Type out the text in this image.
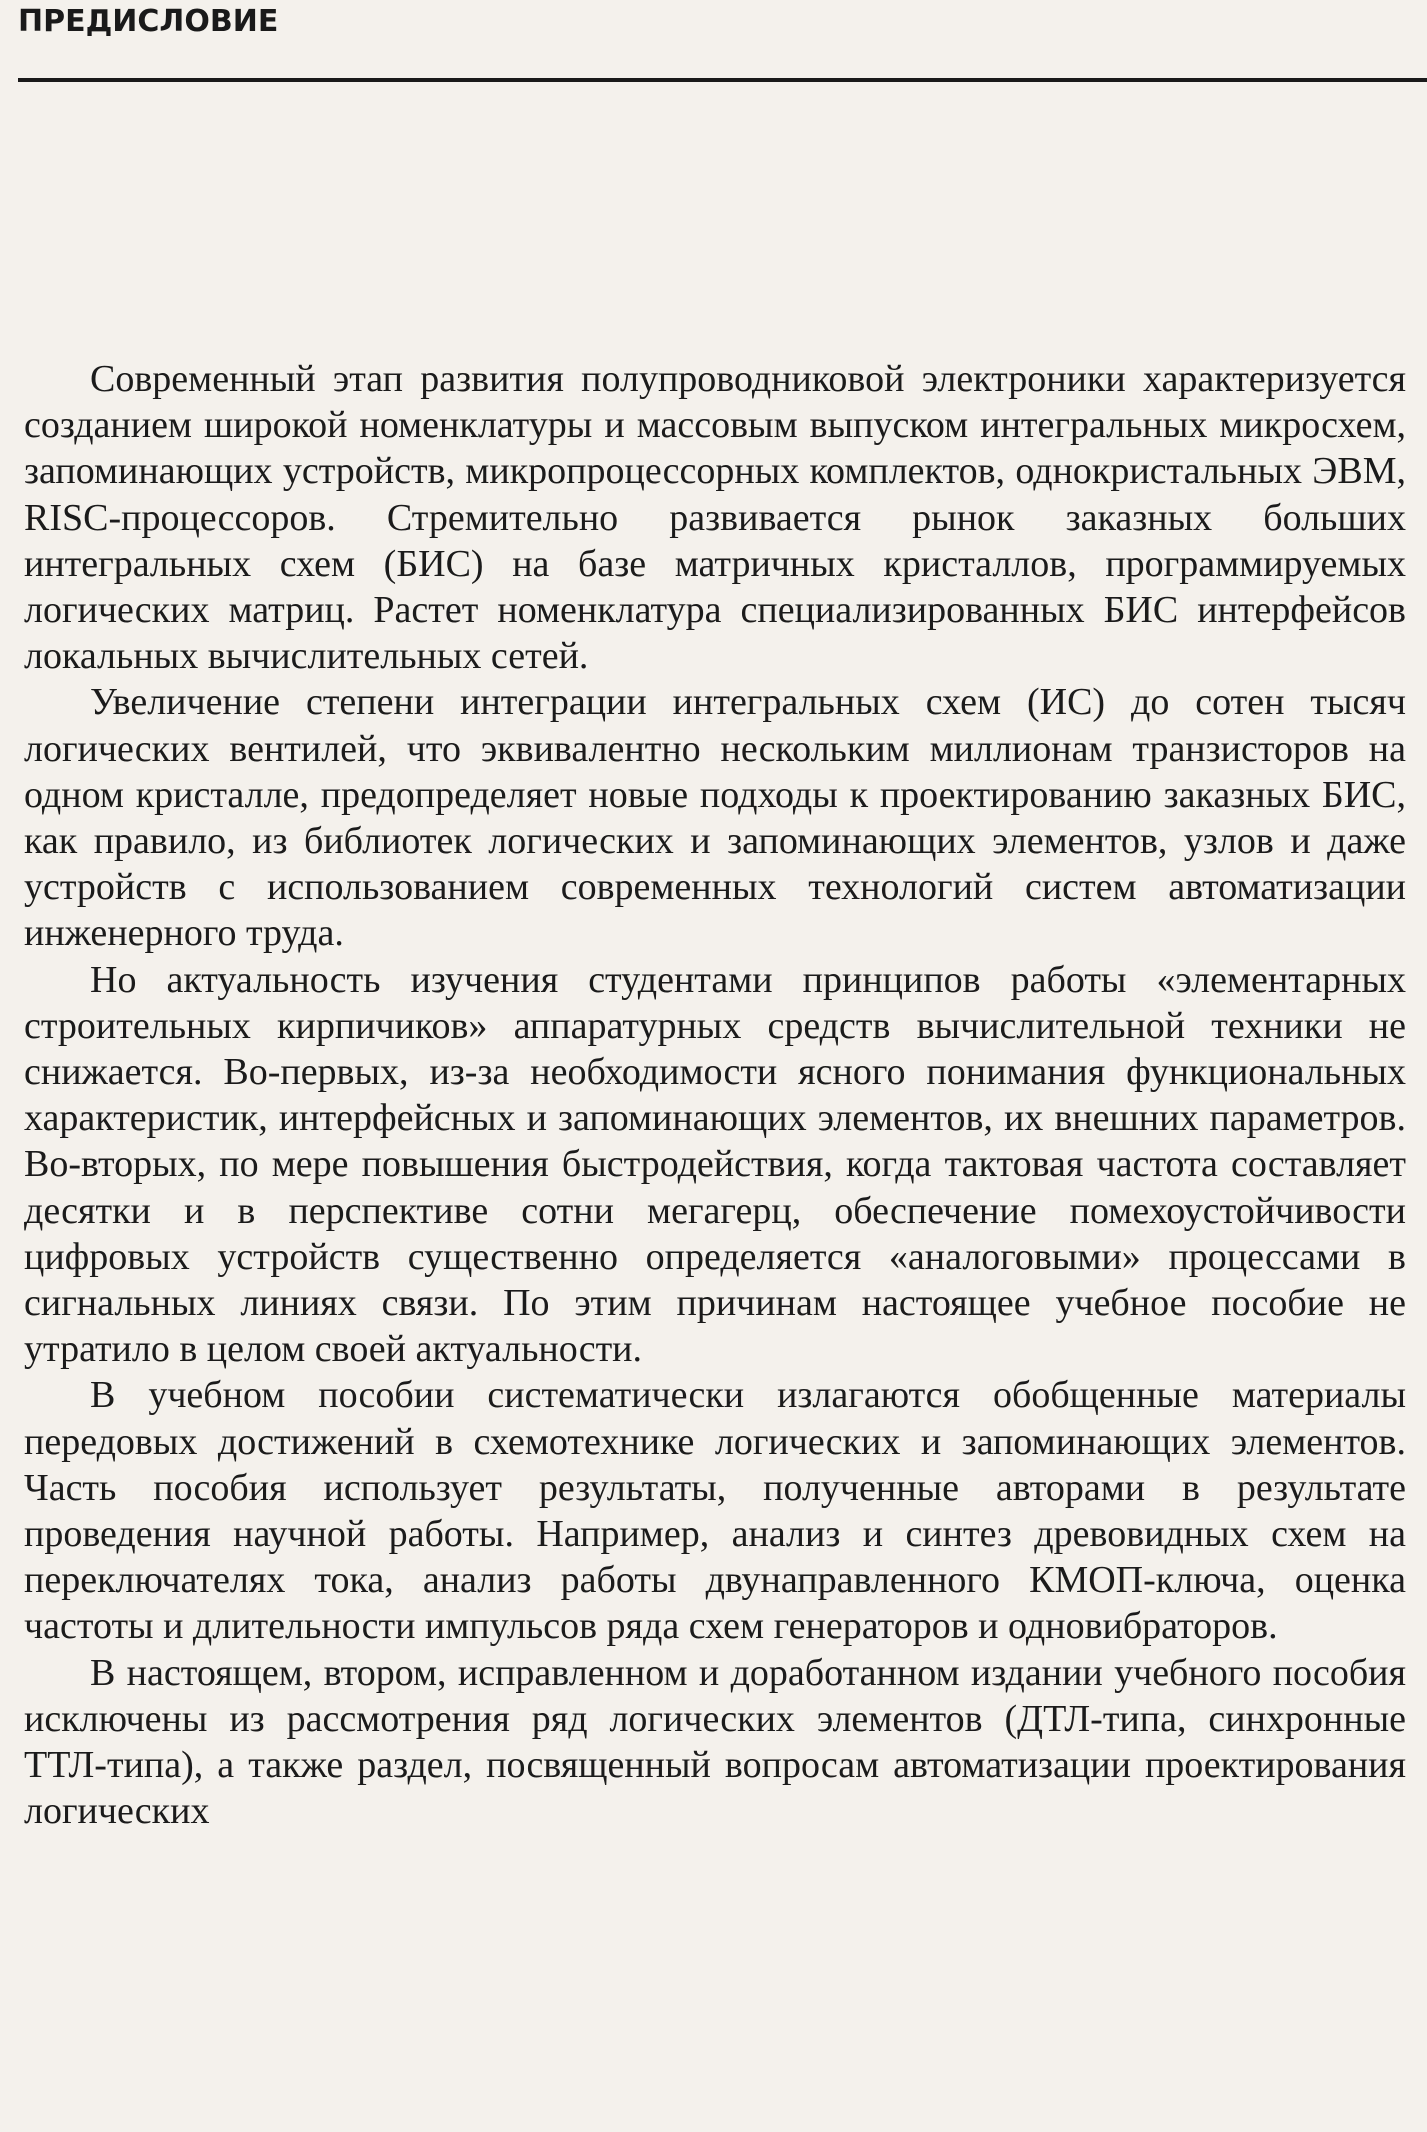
ПРЕДИСЛОВИЕ

Современный этап развития полупроводниковой электроники характеризуется созданием широкой номенклатуры и массовым выпуском интегральных микросхем, запоминающих устройств, микропроцессорных комплектов, однокристальных ЭВМ, RISC-процессоров. Стремительно развивается рынок заказных больших интегральных схем (БИС) на базе матричных кристаллов, программируемых логических матриц. Растет номенклатура специализированных БИС интерфейсов локальных вычислительных сетей.

Увеличение степени интеграции интегральных схем (ИС) до сотен тысяч логических вентилей, что эквивалентно нескольким миллионам транзисторов на одном кристалле, предопределяет новые подходы к проектированию заказных БИС, как правило, из библиотек логических и запоминающих элементов, узлов и даже устройств с использованием современных технологий систем автоматизации инженерного труда.

Но актуальность изучения студентами принципов работы «элементарных строительных кирпичиков» аппаратурных средств вычислительной техники не снижается. Во-первых, из-за необходимости ясного понимания функциональных характеристик, интерфейсных и запоминающих элементов, их внешних параметров. Во-вторых, по мере повышения быстродействия, когда тактовая частота составляет десятки и в перспективе сотни мегагерц, обеспечение помехоустойчивости цифровых устройств существенно определяется «аналоговыми» процессами в сигнальных линиях связи. По этим причинам настоящее учебное пособие не утратило в целом своей актуальности.

В учебном пособии систематически излагаются обобщенные материалы передовых достижений в схемотехнике логических и запоминающих элементов. Часть пособия использует результаты, полученные авторами в результате проведения научной работы. Например, анализ и синтез древовидных схем на переключателях тока, анализ работы двунаправленного КМОП-ключа, оценка частоты и длительности импульсов ряда схем генераторов и одновибраторов.

В настоящем, втором, исправленном и доработанном издании учебного пособия исключены из рассмотрения ряд логических элементов (ДТЛ-типа, синхронные ТТЛ-типа), а также раздел, посвященный вопросам автоматизации проектирования логических
